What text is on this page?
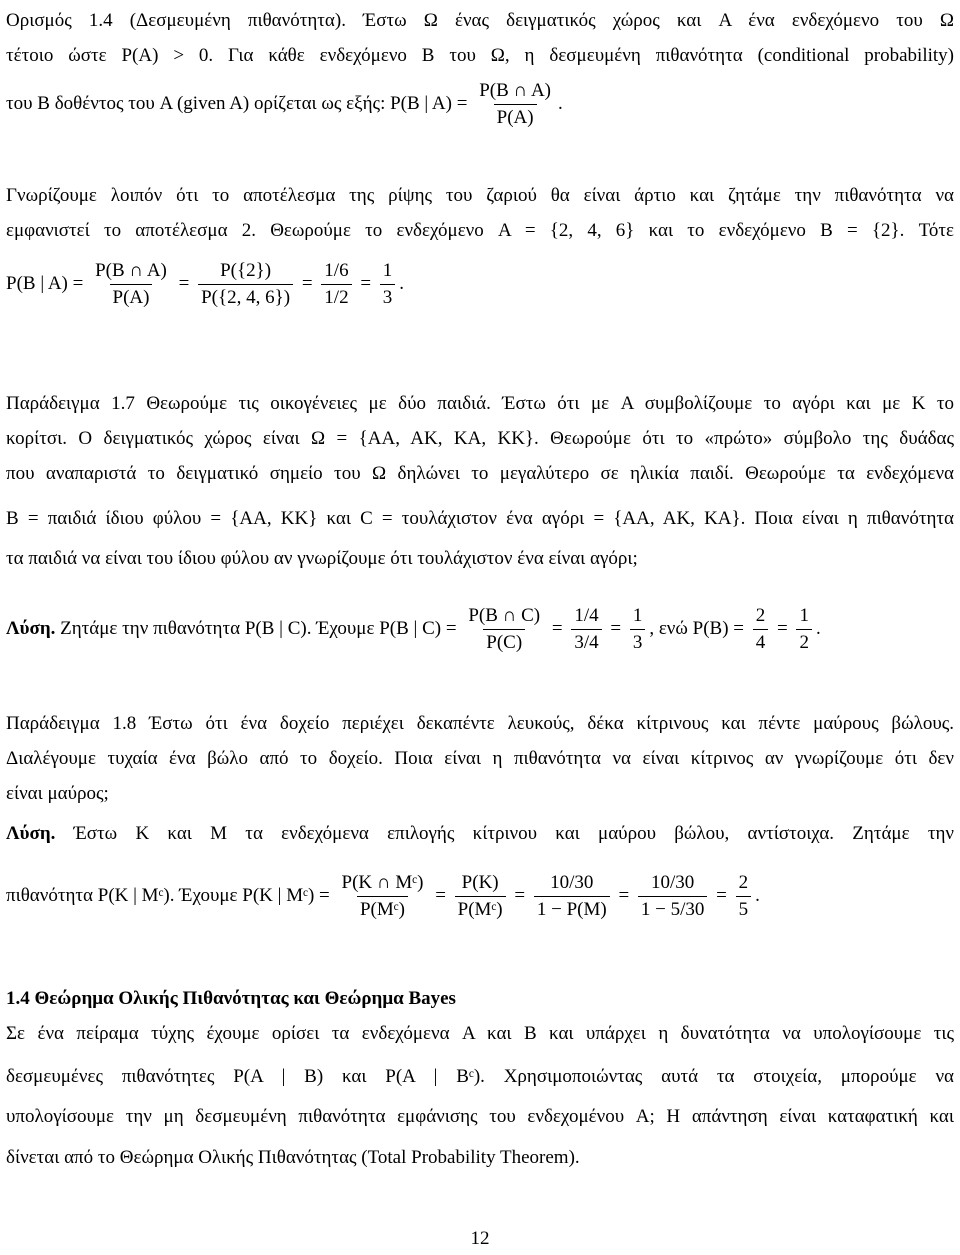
Ορισμός 1.4 (Δεσμευμένη πιθανότητα). Έστω Ω ένας δειγματικός χώρος και A ένα ενδεχόμενο του Ω
τέτοιο ώστε P(A) > 0. Για κάθε ενδεχόμενο B του Ω, η δεσμευμένη πιθανότητα (conditional probability)
του B δοθέντος του A (given A) ορίζεται ως εξής: P(B | $A) = \frac{P(B \cap A)}{P(A)}$ .
Γνωρίζουμε λοιπόν ότι το αποτέλεσμα της ρίψης του ζαριού θα είναι άρτιο και ζητάμε την πιθανότητα να
εμφανιστεί το αποτέλεσμα 2. Θεωρούμε το ενδεχόμενο A = {2, 4, 6} και το ενδεχόμενο B = {2}. Τότε
P(B | $A) = \frac{P(B \cap A)}{P(A)} = \frac{P(\{2\})}{P(\{2, 4, 6\})} = \frac{1/6}{1/2} = \frac{1}{3}$ .
Παράδειγμα 1.7 Θεωρούμε τις οικογένειες με δύο παιδιά. Έστω ότι με A συμβολίζουμε το αγόρι και με K το
κορίτσι. Ο δειγματικός χώρος είναι Ω = {AA, AK, KA, KK}. Θεωρούμε ότι το «πρώτο» σύμβολο της δυάδας
που αναπαριστά το δειγματικό σημείο του Ω δηλώνει το μεγαλύτερο σε ηλικία παιδί. Θεωρούμε τα ενδεχόμενα
B = παιδιά ίδιου φύλου = {AA, KK} και C = τουλάχιστον ένα αγόρι = {AA, AK, KA}. Ποια είναι η πιθανότητα
τα παιδιά να είναι του ίδιου φύλου αν γνωρίζουμε ότι τουλάχιστον ένα είναι αγόρι;
Λύση. Ζητάμε την πιθανότητα P(B | C). Έχουμε P(B | $C) = \frac{P(B \cap C)}{P(C)} = \frac{1/4}{3/4} = \frac{1}{3}$ , ενώ $P(B) = \frac{2}{4} = \frac{1}{2}$ .
Παράδειγμα 1.8 Έστω ότι ένα δοχείο περιέχει δεκαπέντε λευκούς, δέκα κίτρινους και πέντε μαύρους βώλους.
Διαλέγουμε τυχαία ένα βώλο από το δοχείο. Ποια είναι η πιθανότητα να είναι κίτρινος αν γνωρίζουμε ότι δεν
είναι μαύρος;
Λύση. Έστω K και M τα ενδεχόμενα επιλογής κίτρινου και μαύρου βώλου, αντίστοιχα. Ζητάμε την
πιθανότητα P(K | Mᶜ). Έχουμε P(K | Mᶜ) = $\frac{\text{P(K ∩ Mᶜ)}}{\text{P(Mᶜ)}} = \frac{P(K)}{\text{P(Mᶜ)}} = \frac{10/30}{1 - P(M)} = \frac{10/30}{1 - 5/30} = \frac{2}{5}$ .
1.4 Θεώρημα Ολικής Πιθανότητας και Θεώρημα Bayes
Σε ένα πείραμα τύχης έχουμε ορίσει τα ενδεχόμενα A και B και υπάρχει η δυνατότητα να υπολογίσουμε τις
δεσμευμένες πιθανότητες P(A | B) και P(A | Bᶜ). Χρησιμοποιώντας αυτά τα στοιχεία, μπορούμε να
υπολογίσουμε την μη δεσμευμένη πιθανότητα εμφάνισης του ενδεχομένου A; Η απάντηση είναι καταφατική και
δίνεται από το Θεώρημα Ολικής Πιθανότητας (Total Probability Theorem).
12
